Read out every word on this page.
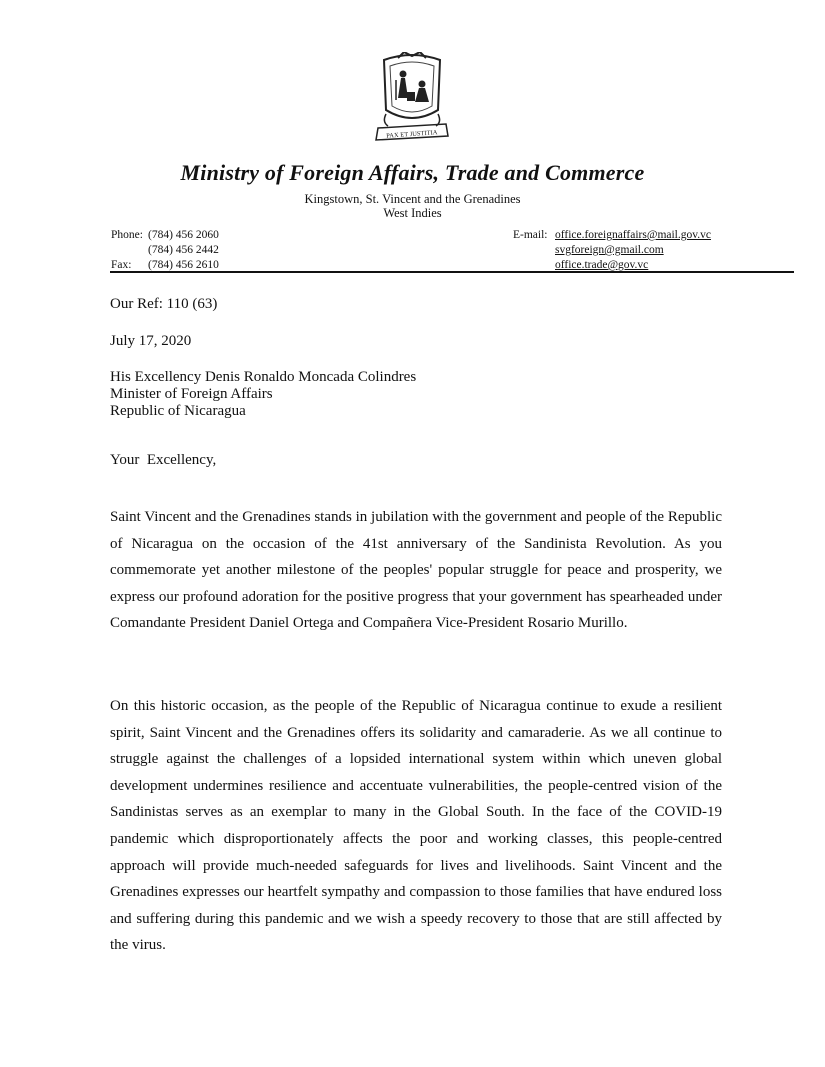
PAX ET JUSTITIA
Ministry of Foreign Affairs, Trade and Commerce
Kingstown, St. Vincent and the Grenadines
West Indies
Phone: (784) 456 2060
(784) 456 2442
Fax: (784) 456 2610
E-mail: office.foreignaffairs@mail.gov.vc
svgforeign@gmail.com
office.trade@gov.vc
Our Ref: 110 (63)
July 17, 2020
His Excellency Denis Ronaldo Moncada Colindres
Minister of Foreign Affairs
Republic of Nicaragua
Your  Excellency,
Saint Vincent and the Grenadines stands in jubilation with the government and people of the Republic of Nicaragua on the occasion of the 41st anniversary of the Sandinista Revolution. As you commemorate yet another milestone of the peoples' popular struggle for peace and prosperity, we express our profound adoration for the positive progress that your government has spearheaded under Comandante President Daniel Ortega and Compañera Vice-President Rosario Murillo.
On this historic occasion, as the people of the Republic of Nicaragua continue to exude a resilient spirit, Saint Vincent and the Grenadines offers its solidarity and camaraderie. As we all continue to struggle against the challenges of a lopsided international system within which uneven global development undermines resilience and accentuate vulnerabilities, the people-centred vision of the Sandinistas serves as an exemplar to many in the Global South. In the face of the COVID-19 pandemic which disproportionately affects the poor and working classes, this people-centred approach will provide much-needed safeguards for lives and livelihoods. Saint Vincent and the Grenadines expresses our heartfelt sympathy and compassion to those families that have endured loss and suffering during this pandemic and we wish a speedy recovery to those that are still affected by the virus.
